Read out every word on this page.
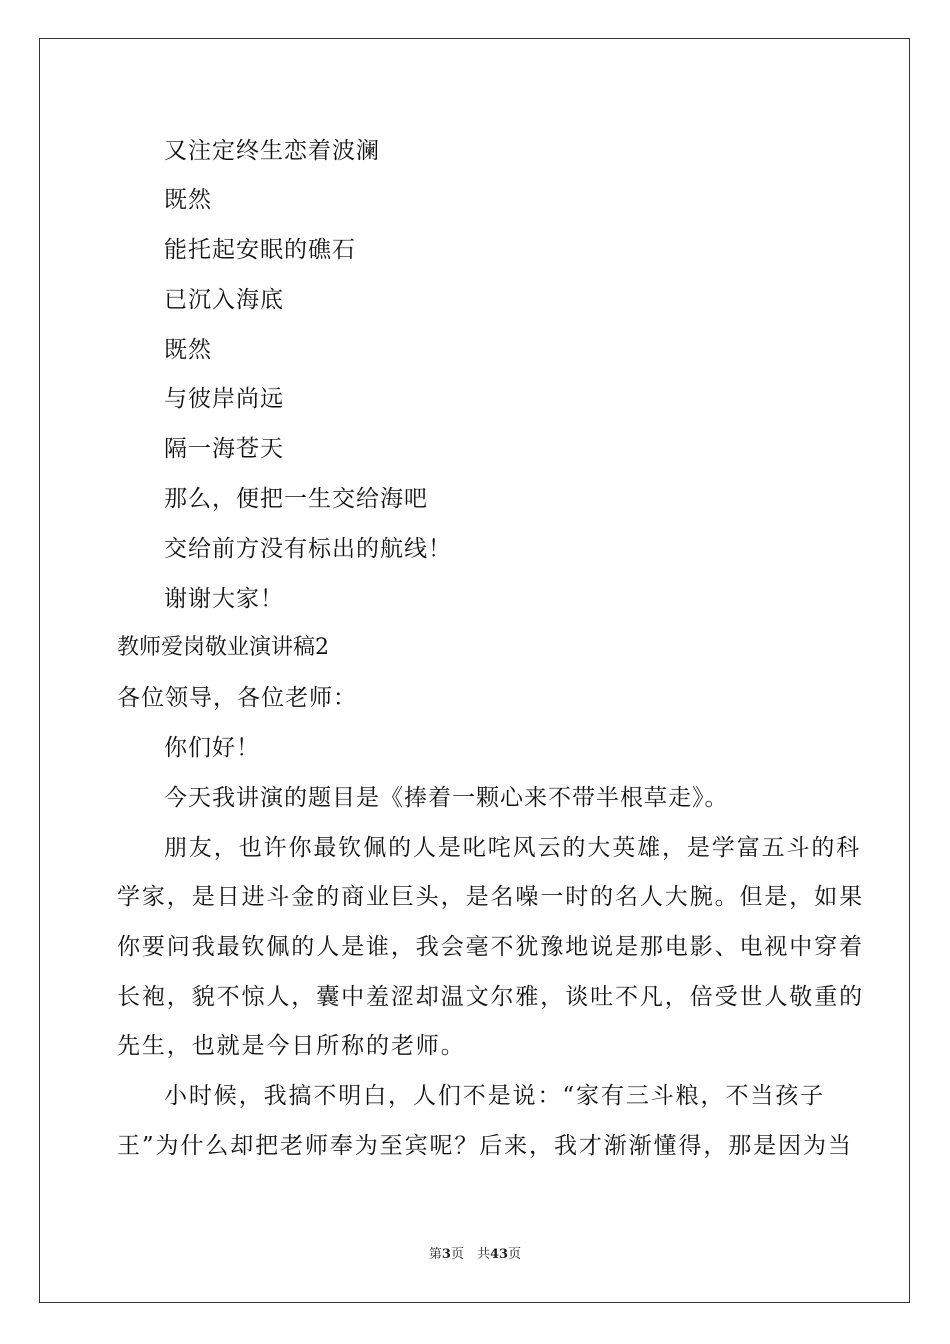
又注定终生恋着波澜
既然
能托起安眠的礁石
已沉入海底
既然
与彼岸尚远
隔一海苍天
那么，便把一生交给海吧
交给前方没有标出的航线！
谢谢大家！
教师爱岗敬业演讲稿2
各位领导，各位老师：
你们好！
今天我讲演的题目是《捧着一颗心来不带半根草走》。
朋友，也许你最钦佩的人是叱咤风云的大英雄，是学富五斗的科
学家，是日进斗金的商业巨头，是名噪一时的名人大腕。但是，如果
你要问我最钦佩的人是谁，我会毫不犹豫地说是那电影、电视中穿着
长袍，貌不惊人，囊中羞涩却温文尔雅，谈吐不凡，倍受世人敬重的
先生，也就是今日所称的老师。
小时候，我搞不明白，人们不是说：“家有三斗粮，不当孩子
王”为什么却把老师奉为至宾呢？后来，我才渐渐懂得，那是因为当
第3页　共43页
